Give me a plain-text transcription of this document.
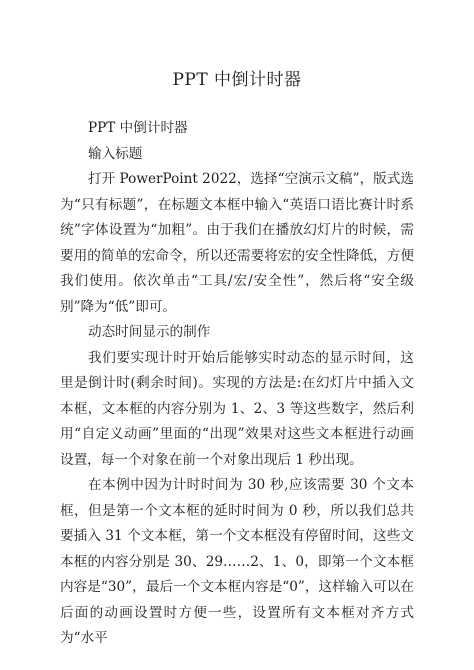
PPT 中倒计时器

PPT 中倒计时器

输入标题

打开 PowerPoint 2022，选择“空演示文稿”，版式选为“只有标题”，在标题文本框中输入“英语口语比赛计时系统”字体设置为“加粗”。由于我们在播放幻灯片的时候，需要用的简单的宏命令，所以还需要将宏的安全性降低，方便我们使用。依次单击“工具/宏/安全性”，然后将“安全级别”降为“低”即可。

动态时间显示的制作

我们要实现计时开始后能够实时动态的显示时间，这里是倒计时(剩余时间)。实现的方法是:在幻灯片中插入文本框，文本框的内容分别为 1、2、3 等这些数字，然后利用“自定义动画”里面的“出现”效果对这些文本框进行动画设置，每一个对象在前一个对象出现后 1 秒出现。

在本例中因为计时时间为 30 秒,应该需要 30 个文本框，但是第一个文本框的延时时间为 0 秒，所以我们总共要插入 31 个文本框，第一个文本框没有停留时间，这些文本框的内容分别是 30、29……2、1、0，即第一个文本框内容是“30”，最后一个文本框内容是“0”，这样输入可以在后面的动画设置时方便一些，设置所有文本框对齐方式为“水平
